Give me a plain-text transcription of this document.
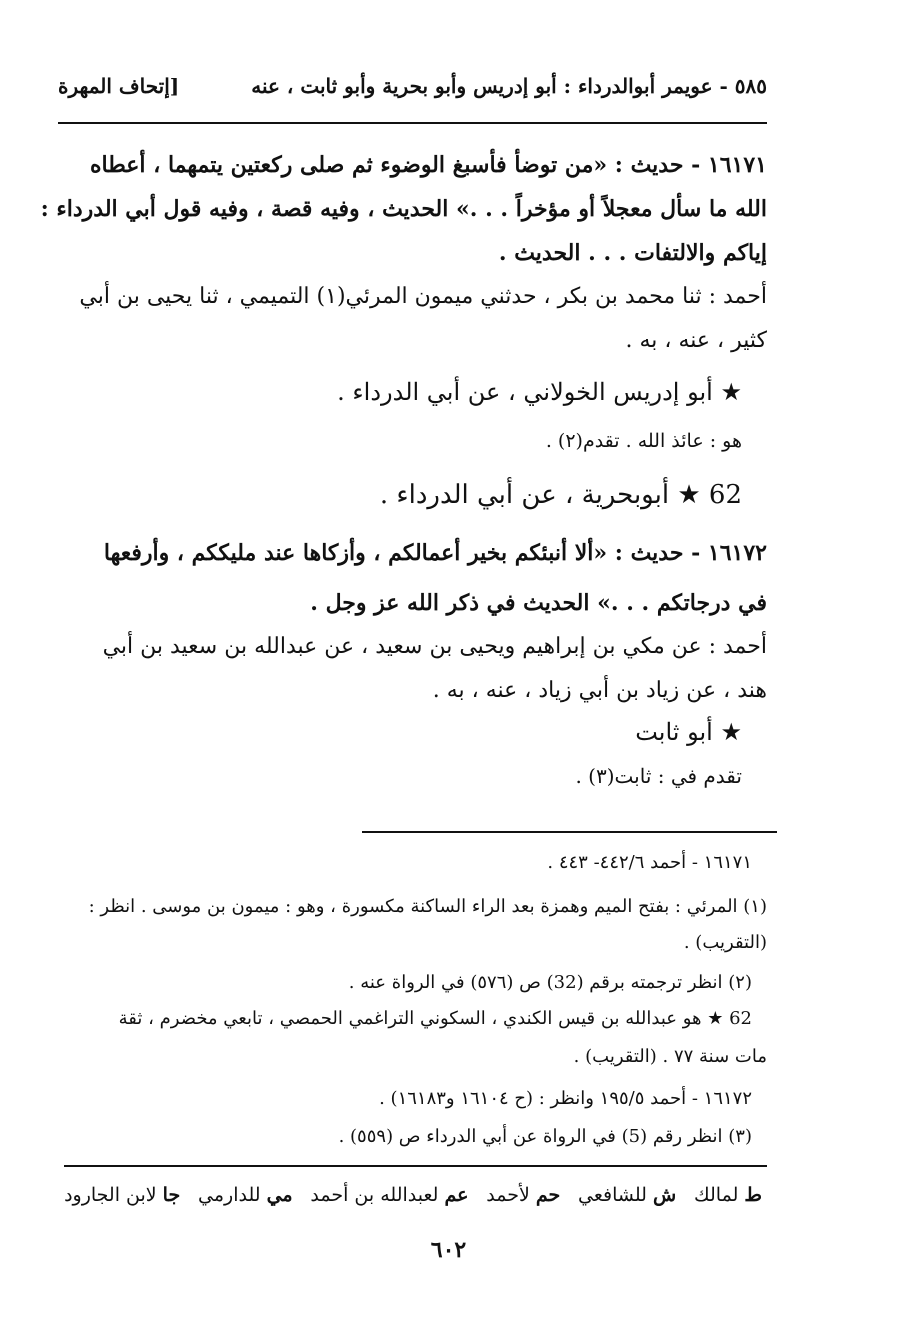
٥٨٥ - عويمر أبوالدرداء : أبو إدريس وأبو بحرية وأبو ثابت ، عنه
[إتحاف المهرة
١٦١٧١ - حديث : «من توضأ فأسبغ الوضوء ثم صلى ركعتين يتمهما ، أعطاه
الله ما سأل معجلاً أو مؤخراً . . .» الحديث ، وفيه قصة ، وفيه قول أبي الدرداء :
إياكم والالتفات . . . الحديث .
أحمد : ثنا محمد بن بكر ، حدثني ميمون المرئي(١) التميمي ، ثنا يحيى بن أبي
كثير ، عنه ، به .
★ أبو إدريس الخولاني ، عن أبي الدرداء .
هو : عائذ الله . تقدم(٢) .
62 ★ أبوبحرية ، عن أبي الدرداء .
١٦١٧٢ - حديث : «ألا أنبئكم بخير أعمالكم ، وأزكاها عند مليككم ، وأرفعها
في درجاتكم . . .» الحديث في ذكر الله عز وجل .
أحمد : عن مكي بن إبراهيم ويحيى بن سعيد ، عن عبدالله بن سعيد بن أبي
هند ، عن زياد بن أبي زياد ، عنه ، به .
★ أبو ثابت
تقدم في : ثابت(٣) .
١٦١٧١ - أحمد ٤٤٢/٦- ٤٤٣ .
(١) المرئي : بفتح الميم وهمزة بعد الراء الساكنة مكسورة ، وهو : ميمون بن موسى . انظر :
(التقريب) .
(٢) انظر ترجمته برقم (32) ص (٥٧٦) في الرواة عنه .
62 ★ هو عبدالله بن قيس الكندي ، السكوني التراغمي الحمصي ، تابعي مخضرم ، ثقة
مات سنة ٧٧ . (التقريب) .
١٦١٧٢ - أحمد ١٩٥/٥ وانظر : (ح ١٦١٠٤ و١٦١٨٣) .
(٣) انظر رقم (5) في الرواة عن أبي الدرداء ص (٥٥٩) .
ط لمالك
ش للشافعي
حم لأحمد
عم لعبدالله بن أحمد
مي للدارمي
جا لابن الجارود
٦٠٢
